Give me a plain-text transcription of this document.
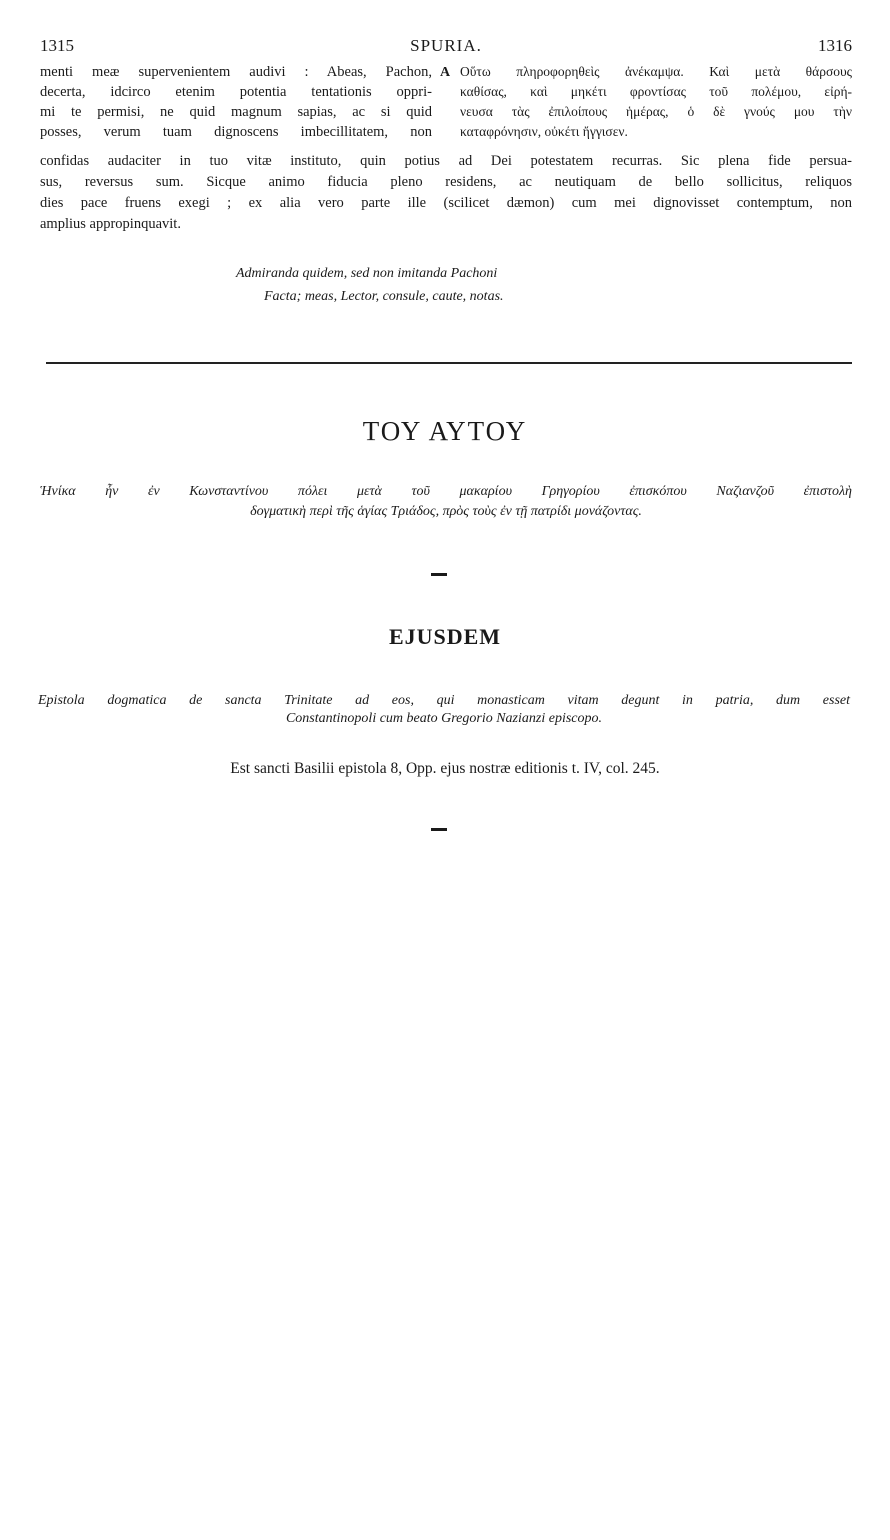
1315	SPURIA.	1316
menti meæ supervenientem audivi : Abeas, Pachon,
decerta, idcirco etenim potentia tentationis oppri-
mi te permisi, ne quid magnum sapias, ac si quid
posses, verum tuam dignoscens imbecillitatem, non
A Οὕτω πληροφορηθεὶς ἀνέκαμψα. Καὶ μετὰ θάρσους
καθίσας, καὶ μηκέτι φροντίσας τοῦ πολέμου, εἰρή-
νευσα τὰς ἐπιλοίπους ἡμέρας, ὁ δὲ γνούς μου τὴν
καταφρόνησιν, οὐκέτι ἤγγισεν.
confidas audaciter in tuo vitæ instituto, quin potius ad Dei potestatem recurras. Sic plena fide persua-
sus, reversus sum. Sicque animo fiducia pleno residens, ac neutiquam de bello sollicitus, reliquos
dies pace fruens exegi ; ex alia vero parte ille (scilicet dæmon) cum mei dignovisset contemptum, non
amplius appropinquavit.
Admiranda quidem, sed non imitanda Pachoni
Facta; meas, Lector, consule, caute, notas.
ΤΟΥ ΑΥΤΟΥ
Ἡνίκα ἦν ἐν Κωνσταντίνου πόλει μετὰ τοῦ μακαρίου Γρηγορίου ἐπισκόπου Ναζιανζοῦ ἐπιστολὴ
δογματικὴ περὶ τῆς ἁγίας Τριάδος, πρὸς τοὺς ἐν τῇ πατρίδι μονάζοντας.
EJUSDEM
Epistola dogmatica de sancta Trinitate ad eos, qui monasticam vitam degunt in patria, dum esset
Constantinopoli cum beato Gregorio Nazianzi episcopo.
Est sancti Basilii epistola 8, Opp. ejus nostræ editionis t. IV, col. 245.
